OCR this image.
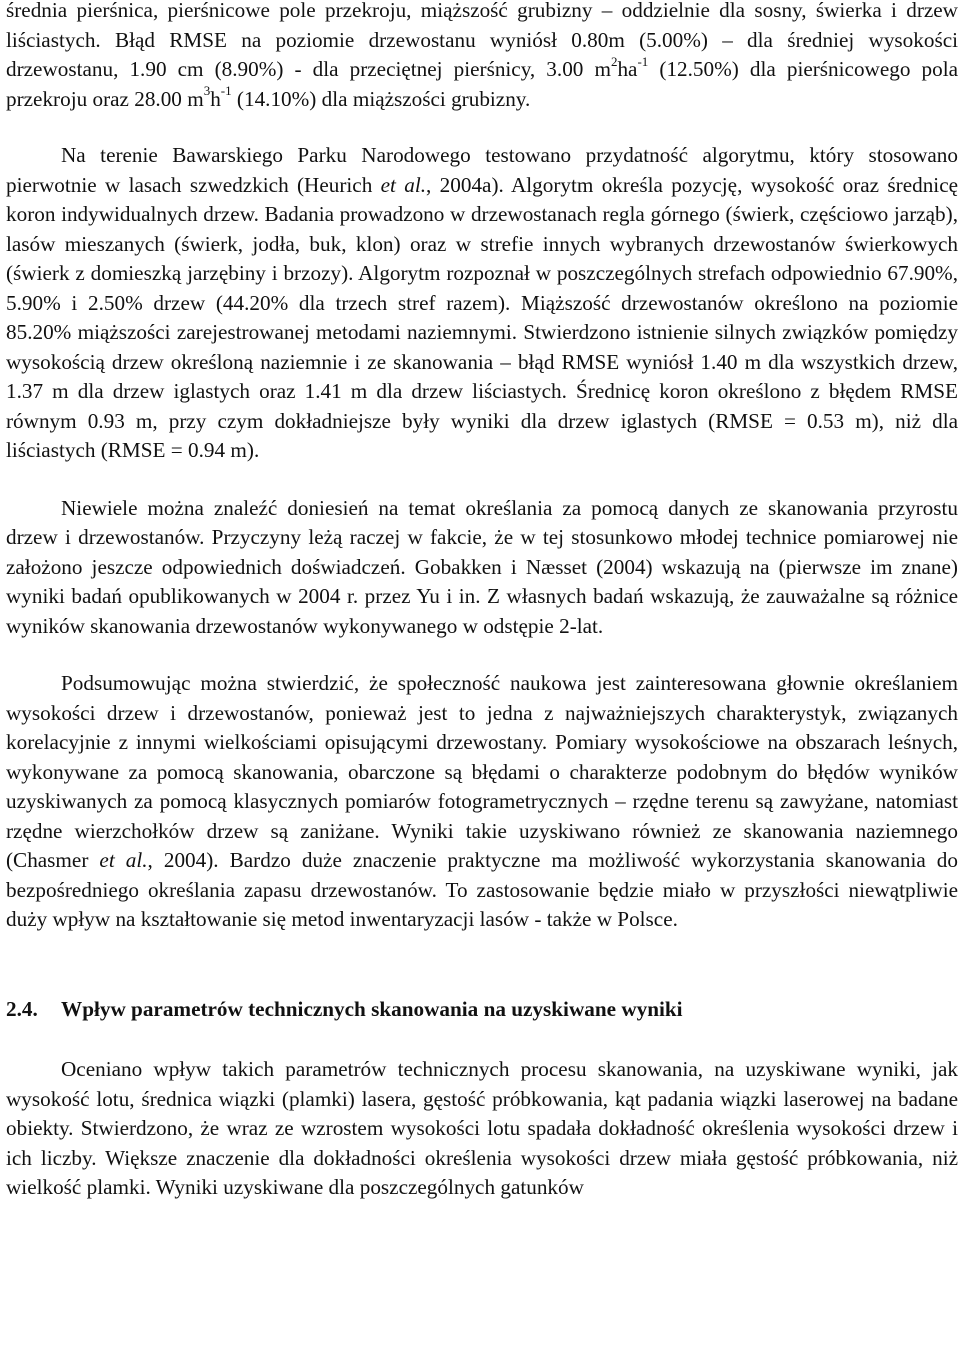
średnia pierśnica, pierśnicowe pole przekroju, miąższość grubizny – oddzielnie dla sosny, świerka i drzew liściastych. Błąd RMSE na poziomie drzewostanu wyniósł 0.80m (5.00%) – dla średniej wysokości drzewostanu, 1.90 cm (8.90%) - dla przeciętnej pierśnicy, 3.00 $m^2ha^{-1}$ (12.50%) dla pierśnicowego pola przekroju oraz 28.00 $m^3h^{-1}$ (14.10%) dla miąższości grubizny.

Na terenie Bawarskiego Parku Narodowego testowano przydatność algorytmu, który stosowano pierwotnie w lasach szwedzkich (Heurich et al., 2004a). Algorytm określa pozycję, wysokość oraz średnicę koron indywidualnych drzew. Badania prowadzono w drzewostanach regla górnego (świerk, częściowo jarząb), lasów mieszanych (świerk, jodła, buk, klon) oraz w strefie innych wybranych drzewostanów świerkowych (świerk z domieszką jarzębiny i brzozy). Algorytm rozpoznał w poszczególnych strefach odpowiednio 67.90%, 5.90% i 2.50% drzew (44.20% dla trzech stref razem). Miąższość drzewostanów określono na poziomie 85.20% miąższości zarejestrowanej metodami naziemnymi. Stwierdzono istnienie silnych związków pomiędzy wysokością drzew określoną naziemnie i ze skanowania – błąd RMSE wyniósł 1.40 m dla wszystkich drzew, 1.37 m dla drzew iglastych oraz 1.41 m dla drzew liściastych. Średnicę koron określono z błędem RMSE równym 0.93 m, przy czym dokładniejsze były wyniki dla drzew iglastych (RMSE = 0.53 m), niż dla liściastych (RMSE = 0.94 m).

Niewiele można znaleźć doniesień na temat określania za pomocą danych ze skanowania przyrostu drzew i drzewostanów. Przyczyny leżą raczej w fakcie, że w tej stosunkowo młodej technice pomiarowej nie założono jeszcze odpowiednich doświadczeń. Gobakken i Næsset (2004) wskazują na (pierwsze im znane) wyniki badań opublikowanych w 2004 r. przez Yu i in. Z własnych badań wskazują, że zauważalne są różnice wyników skanowania drzewostanów wykonywanego w odstępie 2-lat.

Podsumowując można stwierdzić, że społeczność naukowa jest zainteresowana głownie określaniem wysokości drzew i drzewostanów, ponieważ jest to jedna z najważniejszych charakterystyk, związanych korelacyjnie z innymi wielkościami opisującymi drzewostany. Pomiary wysokościowe na obszarach leśnych, wykonywane za pomocą skanowania, obarczone są błędami o charakterze podobnym do błędów wyników uzyskiwanych za pomocą klasycznych pomiarów fotogrametrycznych – rzędne terenu są zawyżane, natomiast rzędne wierzchołków drzew są zaniżane. Wyniki takie uzyskiwano również ze skanowania naziemnego (Chasmer et al., 2004). Bardzo duże znaczenie praktyczne ma możliwość wykorzystania skanowania do bezpośredniego określania zapasu drzewostanów. To zastosowanie będzie miało w przyszłości niewątpliwie duży wpływ na kształtowanie się metod inwentaryzacji lasów - także w Polsce.

2.4. Wpływ parametrów technicznych skanowania na uzyskiwane wyniki

Oceniano wpływ takich parametrów technicznych procesu skanowania, na uzyskiwane wyniki, jak wysokość lotu, średnica wiązki (plamki) lasera, gęstość próbkowania, kąt padania wiązki laserowej na badane obiekty. Stwierdzono, że wraz ze wzrostem wysokości lotu spadała dokładność określenia wysokości drzew i ich liczby. Większe znaczenie dla dokładności określenia wysokości drzew miała gęstość próbkowania, niż wielkość plamki. Wyniki uzyskiwane dla poszczególnych gatunków
